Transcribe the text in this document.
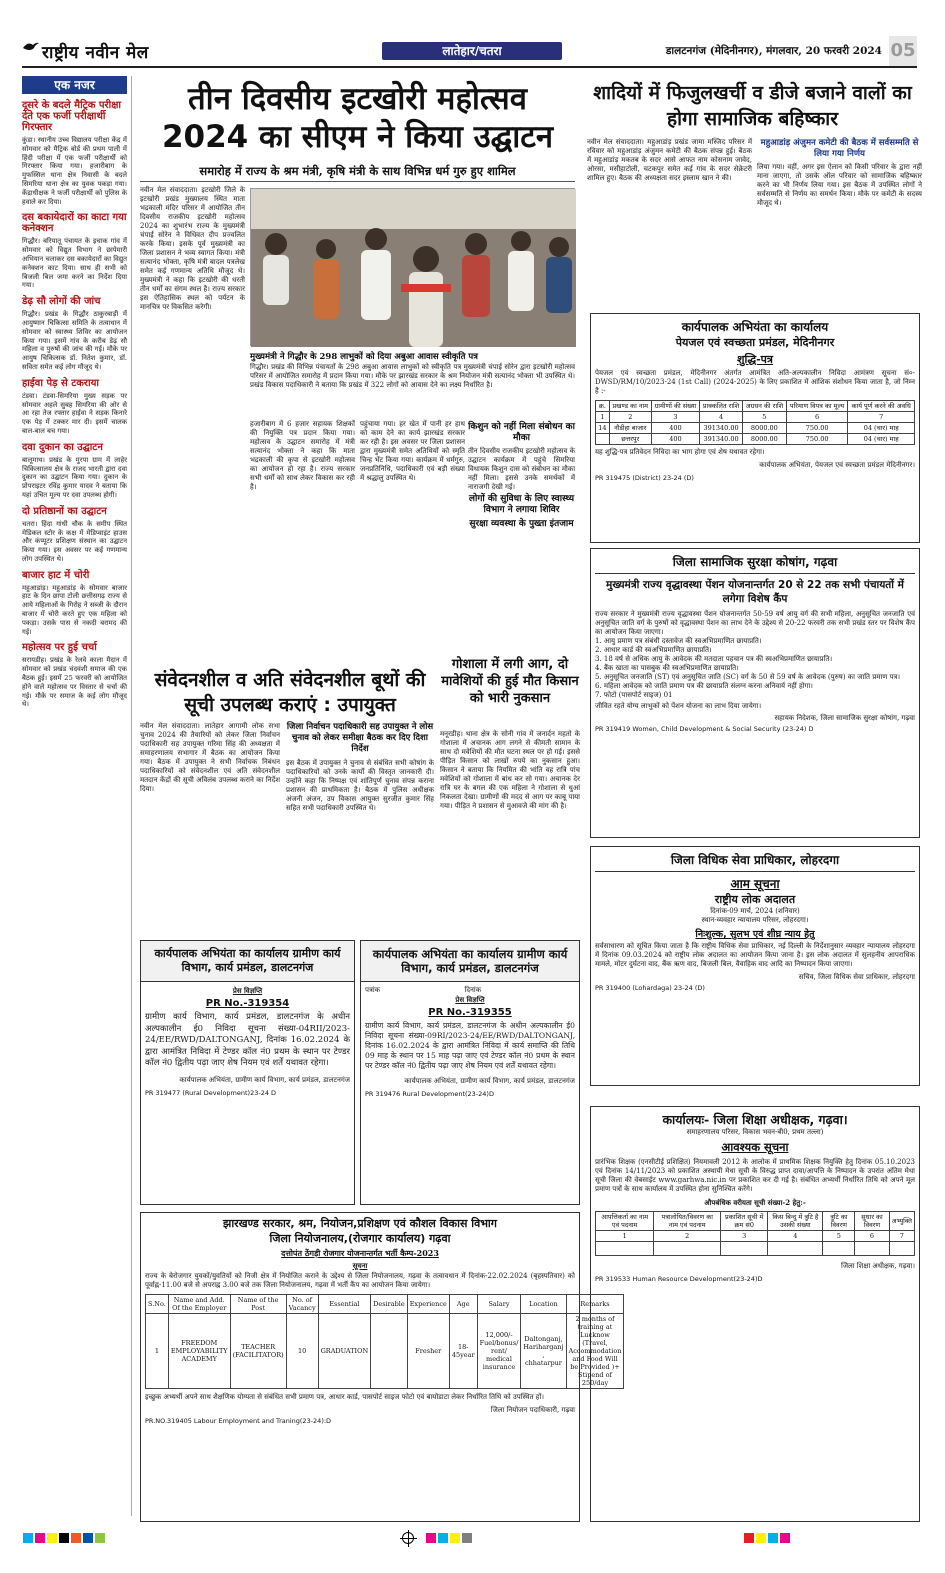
राष्ट्रीय नवीन मेल	लातेहार/चतरा	डालटनगंज (मेदिनीनगर), मंगलवार, 20 फरवरी 2024 05
एक नजर
दूसरे के बदले मैट्रिक परीक्षा देते एक फर्जी परीक्षार्थी गिरफ्तार
कुंडा। स्थानीय उच्च विद्यालय परीक्षा केंद्र में सोमवार को मैट्रिक बोर्ड की प्रथम पाली में हिंदी परीक्षा में एक फर्जी परीक्षार्थी को गिरफ्तार किया गया। हजारीबाग के मुफस्सिल थाना क्षेत्र निवासी के बदले सिमरिया थाना क्षेत्र का युवक पकड़ा गया। केंद्राधीक्षक ने फर्जी परीक्षार्थी को पुलिस के हवाले कर दिया।
दस बकायेदारों का काटा गया कनेक्शन
गिद्धौर। बरियातू पंचायत के इचाक गांव में सोमवार को विद्युत विभाग ने छापेमारी अभियान चलाकर दस बकायेदारों का विद्युत कनेक्शन काट दिया। साथ ही सभी को बिजली बिल जमा करने का निर्देश दिया गया।
डेढ़ सौ लोगों की जांच
गिद्धौर। प्रखंड के गिद्धौर ठाकुरबाड़ी में आयुष्मान चिकित्सा समिति के तत्वाधान में सोमवार को स्वास्थ्य शिविर का आयोजन किया गया। इसमें गांव के करीब डेढ़ सौ महिला व पुरुषों की जांच की गई। मौके पर आयुष चिकित्सक डॉ. नितेश कुमार, डॉ. सविता समेत कई लोग मौजूद थे।
हाईवा पेड़ से टकराया
टंडवा। टंडवा-सिमरिया मुख्य सड़क पर सोमवार अहले सुबह सिमरिया की ओर से आ रहा तेज रफ्तार हाईवा ने सड़क किनारे एक पेड़ में टक्कर मार दी। इसमें चालक बाल-बाल बच गया।
दवा दुकान का उद्घाटन
बालूमाथ। प्रखंड के मुरपा ग्राम में लाहेर चिकित्सालय क्षेत्र के राजद भारती द्वारा दवा दुकान का उद्घाटन किया गया। दुकान के प्रोपराइटर रविंद्र कुमार यादव ने बताया कि यहां उचित मूल्य पर दवा उपलब्ध होगी।
दो प्रतिष्ठानों का उद्घाटन
चतरा। हिंदा गांधी चौक के समीप स्थित मेडिकल स्टोर के कक्ष में मेडिप्वाइंट हाउस और कंप्यूटर प्रशिक्षण संस्थान का उद्घाटन किया गया। इस अवसर पर कई गणमान्य लोग उपस्थित थे।
बाजार हाट में चोरी
महुआडांड़। महुआडांड़ के सोमवार बाजार हाट के दिन छापा टोली छत्तीसगढ़ राज्य से आये महिलाओं के गिरोह ने सब्जी के दौरान बाजार में चोरी करते हुए एक महिला को पकड़ा। उसके पास से नकदी बरामद की गई।
महोत्सव पर हुई चर्चा
सरायडीह। प्रखंड के रेलवे काला मैदान में सोमवार को प्रखंड चंदवंशी समाज की एक बैठक हुई। इसमें 25 फरवरी को आयोजित होने वाले महोत्सव पर विस्तार से चर्चा की गई। मौके पर समाज के कई लोग मौजूद थे।
तीन दिवसीय इटखोरी महोत्सव 2024 का सीएम ने किया उद्घाटन
समारोह में राज्य के श्रम मंत्री, कृषि मंत्री के साथ विभिन्न धर्म गुरु हुए शामिल
नवीन मेल संवाददाता। इटखोरी जिले के इटखोरी प्रखंड मुख्यालय स्थित माता भद्रकाली मंदिर परिसर में आयोजित तीन दिवसीय राजकीय इटखोरी महोत्सव 2024 का शुभारंभ राज्य के मुख्यमंत्री चंपाई सोरेन ने विधिवत दीप प्रज्वलित करके किया। इसके पूर्व मुख्यमंत्री का जिला प्रशासन ने भव्य स्वागत किया। मंत्री सत्यानंद भोक्ता, कृषि मंत्री बादल पत्रलेख समेत कई गणमान्य अतिथि मौजूद थे। मुख्यमंत्री ने कहा कि इटखोरी की धरती तीन धर्मों का संगम स्थल है। राज्य सरकार इस ऐतिहासिक स्थल को पर्यटन के मानचित्र पर विकसित करेगी।
मुख्यमंत्री ने गिद्धौर के 298 लाभुकों को दिया अबुआ आवास स्वीकृति पत्र
गिद्धौर। प्रखंड की विभिन्न पंचायतों के 298 अबुआ आवास लाभुकों को स्वीकृति पत्र मुख्यमंत्री चंपाई सोरेन द्वारा इटखोरी महोत्सव परिसर में आयोजित समारोह में प्रदान किया गया। मौके पर झारखंड सरकार के श्रम नियोजन मंत्री सत्यानंद भोक्ता भी उपस्थित थे। प्रखंड विकास पदाधिकारी ने बताया कि प्रखंड में 322 लोगों को आवास देने का लक्ष्य निर्धारित है।
हजारीबाग में 6 हजार सहायक शिक्षकों की नियुक्ति पत्र प्रदान किया गया। महोत्सव के उद्घाटन समारोह में मंत्री सत्यानंद भोक्ता ने कहा कि माता भद्रकाली की कृपा से इटखोरी महोत्सव का आयोजन हो रहा है। राज्य सरकार सभी धर्मों को साथ लेकर विकास कर रही है।
पहुंचाया गया। हर खेत में पानी हर हाथ को काम देने का कार्य झारखंड सरकार कर रही है। इस अवसर पर जिला प्रशासन द्वारा मुख्यमंत्री समेत अतिथियों को स्मृति चिन्ह भेंट किया गया। कार्यक्रम में धर्मगुरु, जनप्रतिनिधि, पदाधिकारी एवं बड़ी संख्या में श्रद्धालु उपस्थित थे।
किशुन को नहीं मिला संबोधन का मौका
तीन दिवसीय राजकीय इटखोरी महोत्सव के उद्घाटन कार्यक्रम में पहुंचे सिमरिया विधायक किशुन दास को संबोधन का मौका नहीं मिला। इससे उनके समर्थकों में नाराजगी देखी गई।
लोगों की सुविधा के लिए स्वास्थ्य विभाग ने लगाया शिविर
सुरक्षा व्यवस्था के पुख्ता इंतजाम
शादियों में फिजुलखर्ची व डीजे बजाने वालों का होगा सामाजिक बहिष्कार
नवीन मेल संवाददाता। महुआडांड़ प्रखंड जामा मस्जिद परिसर में रविवार को महुआडांड़ अंजुमन कमेटी की बैठक संपन्न हुई। बैठक में महुआडांड़ मकतब के सदर आसे आफत नाम कोसनाम जावेद, ओरसा, मसीहाटोली, चटकपुर समेत कई गांव के सदर सेक्रेटरी शामिल हुए। बैठक की अध्यक्षता सदर इस्लाम खान ने की।
महुआडांड़ अंजुमन कमेटी की बैठक में सर्वसम्मति से लिया गया निर्णय
लिया गया। वहीं, अगर इस ऐलान को किसी परिवार के द्वारा नहीं माना जाएगा, तो उसके ऑल परिवार को सामाजिक बहिष्कार करने का भी निर्णय लिया गया। इस बैठक में उपस्थित लोगों ने सर्वसम्मति से निर्णय का समर्थन किया। मौके पर कमेटी के सदस्य मौजूद थे।
कार्यपालक अभियंता का कार्यालय
पेयजल एवं स्वच्छता प्रमंडल, मेदिनीनगर
शुद्धि-पत्र
पेयजल एवं स्वच्छता प्रमंडल, मेदिनीनगर अंतर्गत आमंत्रित अति-अल्पकालीन निविदा आमंत्रण सूचना सं०-DWSD/RM/10/2023-24 (1st Call) (2024-2025) के लिए प्रकाशित में आंशिक संशोधन किया जाता है, जो निम्न है :-
क्र.	प्रखण्ड का नाम	ग्रामीणों की संख्या	प्राक्कलित राशि	अग्रधन की राशि	परिमाण विपत्र का मूल्य	कार्य पूर्ण करने की अवधि
1	2	3	4	5	6	7
14	नौडीहा बाजार	400	391340.00	8000.00	750.00	04 (चार) माह
	छत्तरपुर	400	391340.00	8000.00	750.00	04 (चार) माह
यह शुद्धि-पत्र प्रतिवेदन निविदा का भाग होगा एवं शेष यथावत रहेगा।
कार्यपालक अभियंता, पेयजल एवं स्वच्छता प्रमंडल मेदिनीनगर।
PR 319475 (District) 23-24 (D)
जिला सामाजिक सुरक्षा कोषांग, गढ़वा
मुख्यमंत्री राज्य वृद्धावस्था पेंशन योजनान्तर्गत 20 से 22 तक सभी पंचायतों में लगेगा विशेष कैंप
राज्य सरकार ने मुख्यमंत्री राज्य वृद्धावस्था पेंशन योजनान्तर्गत 50-59 वर्ष आयु वर्ग की सभी महिला, अनुसूचित जनजाति एवं अनुसूचित जाति वर्ग के पुरुषों को वृद्धावस्था पेंशन का लाभ देने के उद्देश्य से 20-22 फरवरी तक सभी प्रखंड स्तर पर विशेष कैंप का आयोजन किया जाएगा।
1. आयु प्रमाण पत्र संबंधी दस्तावेज की स्वअभिप्रमाणित छायाप्रति।
2. आधार कार्ड की स्वअभिप्रमाणित छायाप्रति।
3. 18 वर्ष से अधिक आयु के आवेदक की मतदाता पहचान पत्र की स्वअभिप्रमाणित छायाप्रति।
4. बैंक खाता का पासबुक की स्वअभिप्रमाणित छायाप्रति।
5. अनुसूचित जनजाति (ST) एवं अनुसूचित जाति (SC) वर्ग के 50 से 59 वर्ष के आवेदक (पुरुष) का जाति प्रमाण पत्र।
6. महिला आवेदक को जाति प्रमाण पत्र की छायाप्रति संलग्न करना अनिवार्य नहीं होगा।
7. फोटो (पासपोर्ट साइज) 01
जीवित रहते योग्य लाभुकों को पेंशन योजना का लाभ दिया जायेगा।
सहायक निदेशक, जिला सामाजिक सुरक्षा कोषांग, गढ़वा
PR 319419 Women, Child Development & Social Security (23-24) D
जिला विधिक सेवा प्राधिकार, लोहरदगा
आम सूचना
राष्ट्रीय लोक अदालत
दिनांक-09 मार्च, 2024 (शनिवार)
स्थान-व्यवहार न्यायालय परिसर, लोहरदगा।
निःशुल्क, सुलभ एवं शीघ्र न्याय हेतु
सर्वसाधारण को सूचित किया जाता है कि राष्ट्रीय विधिक सेवा प्राधिकार, नई दिल्ली के निर्देशानुसार व्यवहार न्यायालय लोहरदगा में दिनांक 09.03.2024 को राष्ट्रीय लोक अदालत का आयोजन किया जाना है। इस लोक अदालत में सुलहनीय आपराधिक मामले, मोटर दुर्घटना वाद, बैंक ऋण वाद, बिजली बिल, वैवाहिक वाद आदि का निष्पादन किया जाएगा।
सचिव, जिला विधिक सेवा प्राधिकार, लोहरदगा
PR 319400 (Lohardaga) 23-24 (D)
कार्यालयः- जिला शिक्षा अधीक्षक, गढ़वा।
समाहरणालय परिसर, विकास भवन-बी0, प्रथम तल्ला)
आवश्यक सूचना
प्रारंभिक शिक्षक (एनसीटीई प्रशिक्षित) नियमावली 2012 के आलोक में प्राथमिक शिक्षक नियुक्ति हेतु दिनांक 05.10.2023 एवं दिनांक 14/11/2023 को प्रकाशित अस्थायी मेधा सूची के विरुद्ध प्राप्त दावा/आपत्ति के निष्पादन के उपरांत अंतिम मेधा सूची जिला की वेबसाईट www.garhwa.nic.in पर प्रकाशित कर दी गई है। संबंधित अभ्यर्थी निर्धारित तिथि को अपने मूल प्रमाण पत्रों के साथ कार्यालय में उपस्थित होना सुनिश्चित करेंगे।
औपबंधिक वरीयता सूची संख्या-2 हेतु:-
आपत्तिकर्ता का नाम एवं पदनाम	पत्रालोयित/विवरण का नाम एवं पदनाम	प्रकाशित सूची में क्रम सं0	किस बिन्दु में त्रुटि है उसकी संख्या	त्रुटि का विवरण	सुधार का विवरण	अभ्युक्ति
1	2	3	4	5	6	7

जिला शिक्षा अधीक्षक, गढ़वा।
PR 319533 Human Resource Development(23-24)D
संवेदनशील व अति संवेदनशील बूथों की सूची उपलब्ध कराएं : उपायुक्त
नवीन मेल संवाददाता। लातेहार आगामी लोक सभा चुनाव 2024 की तैयारियों को लेकर जिला निर्वाचन पदाधिकारी सह उपायुक्त गरिमा सिंह की अध्यक्षता में समाहरणालय सभागार में बैठक का आयोजन किया गया। बैठक में उपायुक्त ने सभी निर्वाचक निबंधन पदाधिकारियों को संवेदनशील एवं अति संवेदनशील मतदान केंद्रों की सूची अविलंब उपलब्ध कराने का निर्देश दिया।
जिला निर्वाचन पदाधिकारी सह उपायुक्त ने लोस चुनाव को लेकर समीक्षा बैठक कर दिए दिशा निर्देश
इस बैठक में उपायुक्त ने चुनाव से संबंधित सभी कोषांग के पदाधिकारियों को उनके कार्यों की विस्तृत जानकारी दी। उन्होंने कहा कि निष्पक्ष एवं शांतिपूर्ण चुनाव संपन्न कराना प्रशासन की प्राथमिकता है। बैठक में पुलिस अधीक्षक अंजनी अंजन, उप विकास आयुक्त सुरजीत कुमार सिंह सहित सभी पदाधिकारी उपस्थित थे।
गोशाला में लगी आग, दो मावेशियों की हुई मौत किसान को भारी नुकसान
मनूरडीह। थाना क्षेत्र के सोनी गांव में जनार्दन महतो के गोशाला में अचानक आग लगने से कीमती सामान के साथ दो मवेशियों की मौत घटना स्थल पर हो गई। इससे पीड़ित किसान को लाखों रुपये का नुकसान हुआ। किसान ने बताया कि नियमित की भांति वह रात्रि पांच मवेशियों को गोशाला में बांध कर सो गया। अचानक देर रात्रि घर के बगल की एक महिला ने गोशाला से धुआं निकलता देखा। ग्रामीणों की मदद से आग पर काबू पाया गया। पीड़ित ने प्रशासन से मुआवजे की मांग की है।
कार्यपालक अभियंता का कार्यालय ग्रामीण कार्य विभाग, कार्य प्रमंडल, डालटनगंज
प्रेस विज्ञप्ति
PR No.-319354
ग्रामीण कार्य विभाग, कार्य प्रमंडल, डालटनगंज के अधीन अल्पकालीन ई0 निविदा सूचना संख्या-04RII/2023-24/EE/RWD/DALTONGANJ, दिनांक 16.02.2024 के द्वारा आमंत्रित निविदा में टेण्डर कॉल नं0 प्रथम के स्थान पर टेण्डर कॉल नं0 द्वितीय पढ़ा जाए शेष नियम एवं शर्तें यथावत रहेगा।
कार्यपालक अभियंता, ग्रामीण कार्य विभाग, कार्य प्रमंडल, डालटनगंज
PR 319477 (Rural Development)23-24 D
कार्यपालक अभियंता का कार्यालय ग्रामीण कार्य विभाग, कार्य प्रमंडल, डालटनगंज
पत्रांक	दिनांक
प्रेस विज्ञप्ति
PR No.-319355
ग्रामीण कार्य विभाग, कार्य प्रमंडल, डालटनगंज के अधीन अल्पकालीन ई0 निविदा सूचना संख्या-09RI/2023-24/EE/RWD/DALTONGANJ, दिनांक 16.02.2024 के द्वारा आमंत्रित निविदा में कार्य समाप्ति की तिथि 09 माह के स्थान पर 15 माह पढ़ा जाए एवं टेण्डर कॉल नं0 प्रथम के स्थान पर टेण्डर कॉल नं0 द्वितीय पढ़ा जाए शेष नियम एवं शर्तें यथावत रहेगा।
कार्यपालक अभियंता, ग्रामीण कार्य विभाग, कार्य प्रमंडल, डालटनगंज
PR 319476 Rural Development(23-24)D
झारखण्ड सरकार, श्रम, नियोजन,प्रशिक्षण एवं कौशल विकास विभाग
जिला नियोजनालय,(रोजगार कार्यालय) गढ़वा
दत्तोपंत ठेंगड़ी रोजगार योजनान्तर्गत भर्ती कैम्प-2023
सूचना
राज्य के बेरोजगार युवकों/युवतियों को निजी क्षेत्र में नियोजित कराने के उद्देश्य से जिला नियोजनालय, गढ़वा के तत्वावधान में दिनांक-22.02.2024 (बृहस्पतिवार) को पूर्वाह्न-11.00 बजे से अपराह्न 3.00 बजे तक जिला नियोजनालय, गढ़वा में भर्ती कैंप का आयोजन किया जायेगा।
S.No.	Name and Add. Of the Employer	Name of the Post	No. of Vacancy	Essential	Desirable	Experience	Age	Salary	Location	Remarks
1	FREEDOM EMPLOYABILITY ACADEMY	TEACHER (FACILITATOR)	10	GRADUATION		Fresher	18-45year	12,000/- Fuel/bonus/ rent/ medical insurance	Daltonganj, Hariharganj , chhatarpur	2 months of training at Lucknow (Travel, Accommodation and Food Will be Provided )+ Stipend of 250/day
इच्छुक अभ्यर्थी अपने साथ शैक्षणिक योग्यता से संबंधित सभी प्रमाण पत्र, आधार कार्ड, पासपोर्ट साइज फोटो एवं बायोडाटा लेकर निर्धारित तिथि को उपस्थित हों।
जिला नियोजन पदाधिकारी, गढ़वा
PR.NO.319405 Labour Employment and Traning(23-24):D
